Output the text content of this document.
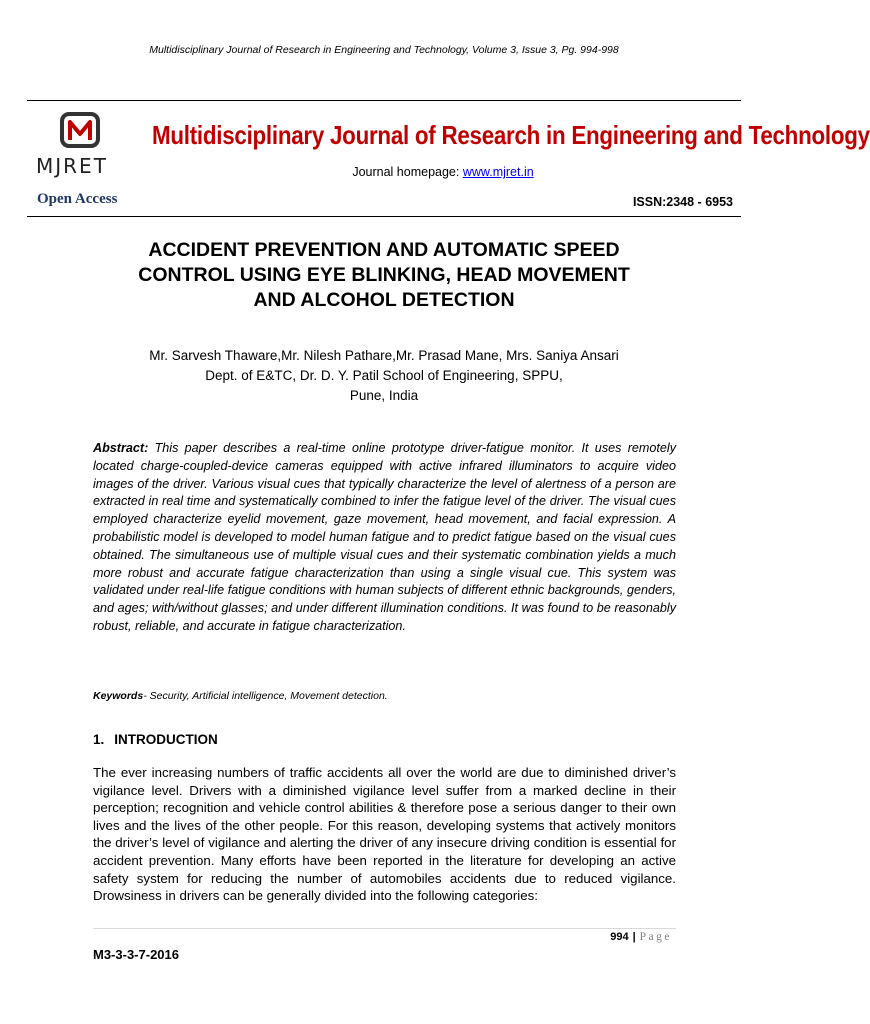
Multidisciplinary Journal of Research in Engineering and Technology, Volume 3, Issue 3, Pg. 994-998
MJRET
Open Access
Multidisciplinary Journal of Research in Engineering and Technology
Journal homepage: www.mjret.in
ISSN:2348 - 6953
ACCIDENT PREVENTION AND AUTOMATIC SPEED
CONTROL USING EYE BLINKING, HEAD MOVEMENT
AND ALCOHOL DETECTION
Mr. Sarvesh Thaware,Mr. Nilesh Pathare,Mr. Prasad Mane, Mrs. Saniya Ansari
Dept. of E&TC, Dr. D. Y. Patil School of Engineering, SPPU,
Pune, India
Abstract: This paper describes a real-time online prototype driver-fatigue monitor. It uses remotely located charge-coupled-device cameras equipped with active infrared illuminators to acquire video images of the driver. Various visual cues that typically characterize the level of alertness of a person are extracted in real time and systematically combined to infer the fatigue level of the driver. The visual cues employed characterize eyelid movement, gaze movement, head movement, and facial expression. A probabilistic model is developed to model human fatigue and to predict fatigue based on the visual cues obtained. The simultaneous use of multiple visual cues and their systematic combination yields a much more robust and accurate fatigue characterization than using a single visual cue. This system was validated under real-life fatigue conditions with human subjects of different ethnic backgrounds, genders, and ages; with/without glasses; and under different illumination conditions. It was found to be reasonably robust, reliable, and accurate in fatigue characterization.
Keywords- Security, Artificial intelligence, Movement detection.
1. INTRODUCTION
The ever increasing numbers of traffic accidents all over the world are due to diminished driver’s vigilance level. Drivers with a diminished vigilance level suffer from a marked decline in their perception; recognition and vehicle control abilities & therefore pose a serious danger to their own lives and the lives of the other people. For this reason, developing systems that actively monitors the driver’s level of vigilance and alerting the driver of any insecure driving condition is essential for accident prevention. Many efforts have been reported in the literature for developing an active safety system for reducing the number of automobiles accidents due to reduced vigilance. Drowsiness in drivers can be generally divided into the following categories:
994 | Page
M3-3-3-7-2016
